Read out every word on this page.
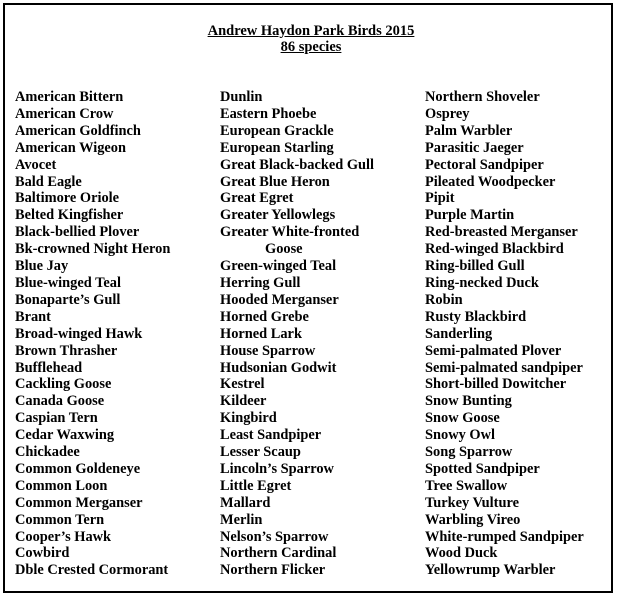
Andrew Haydon Park Birds 2015
86 species
American Bittern
American Crow
American Goldfinch
American Wigeon
Avocet
Bald Eagle
Baltimore Oriole
Belted Kingfisher
Black-bellied Plover
Bk-crowned Night Heron
Blue Jay
Blue-winged Teal
Bonaparte’s Gull
Brant
Broad-winged Hawk
Brown Thrasher
Bufflehead
Cackling Goose
Canada Goose
Caspian Tern
Cedar Waxwing
Chickadee
Common Goldeneye
Common Loon
Common Merganser
Common Tern
Cooper’s Hawk
Cowbird
Dble Crested Cormorant
Dunlin
Eastern Phoebe
European Grackle
European Starling
Great Black-backed Gull
Great Blue Heron
Great Egret
Greater Yellowlegs
Greater White-fronted
Goose
Green-winged Teal
Herring Gull
Hooded Merganser
Horned Grebe
Horned Lark
House Sparrow
Hudsonian Godwit
Kestrel
Kildeer
Kingbird
Least Sandpiper
Lesser Scaup
Lincoln’s Sparrow
Little Egret
Mallard
Merlin
Nelson’s Sparrow
Northern Cardinal
Northern Flicker
Northern Shoveler
Osprey
Palm Warbler
Parasitic Jaeger
Pectoral Sandpiper
Pileated Woodpecker
Pipit
Purple Martin
Red-breasted Merganser
Red-winged Blackbird
Ring-billed Gull
Ring-necked Duck
Robin
Rusty Blackbird
Sanderling
Semi-palmated Plover
Semi-palmated sandpiper
Short-billed Dowitcher
Snow Bunting
Snow Goose
Snowy Owl
Song Sparrow
Spotted Sandpiper
Tree Swallow
Turkey Vulture
Warbling Vireo
White-rumped Sandpiper
Wood Duck
Yellowrump Warbler
